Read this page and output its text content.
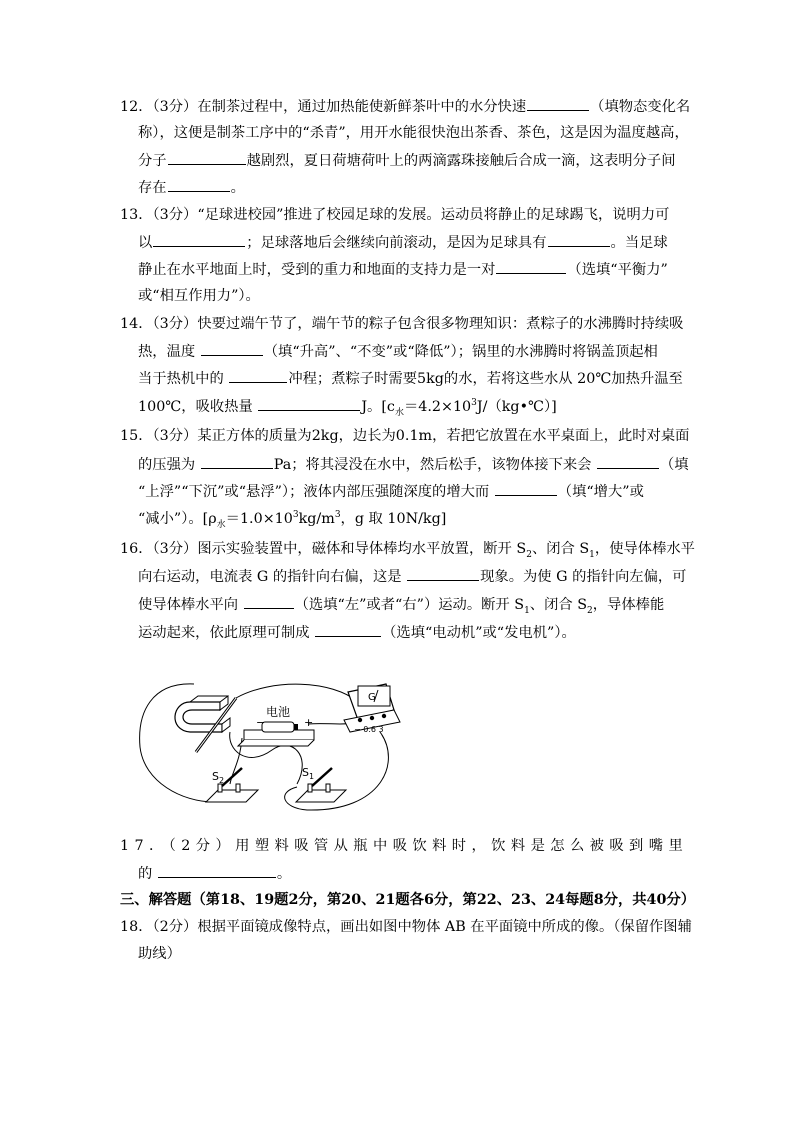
12．（3分）在制茶过程中，通过加热能使新鲜茶叶中的水分快速	（填物态变化名
称），这便是制茶工序中的“杀青”，用开水能很快泡出茶香、茶色，这是因为温度越高，
分子	越剧烈，夏日荷塘荷叶上的两滴露珠接触后合成一滴，这表明分子间
存在	。
13．（3分）“足球进校园”推进了校园足球的发展。运动员将静止的足球踢飞，说明力可
以	；足球落地后会继续向前滚动，是因为足球具有	。当足球
静止在水平地面上时，受到的重力和地面的支持力是一对	（选填“平衡力”
或“相互作用力”）。
14．（3分）快要过端午节了，端午节的粽子包含很多物理知识：煮粽子的水沸腾时持续吸
热，温度	（填“升高”、“不变”或“降低”）；锅里的水沸腾时将锅盖顶起相
当于热机中的	冲程；煮粽子时需要5kg的水，若将这些水从 20℃加热升温至
100℃，吸收热量	J。$[c_水=4.2\times 10^3J/(kg•℃)]$
15．（3分）某正方体的质量为2kg，边长为0.1m，若把它放置在水平桌面上，此时对桌面
的压强为	Pa；将其浸没在水中，然后松手，该物体接下来会	（填
“上浮”“下沉”或“悬浮”）；液体内部压强随深度的增大而	（填“增大”或
“减小”）。[$\rho_水=1.0\times 10^3kg/m^3$，g 取 10N/kg]
16．（3分）图示实验装置中，磁体和导体棒均水平放置，断开 $S_2$、闭合 $S_1$，使导体棒水平
向右运动，电流表 G 的指针向右偏，这是	现象。为使 G 的指针向左偏，可
使导体棒水平向	（选填“左”或者“右”）运动。断开 $S_1$、闭合 $S_2$，导体棒能
运动起来，依此原理可制成	（选填“电动机”或“发电机”）。
电池
−	+
G
− 0.6 3
$S_2$
$S_1$
17．（2分）用塑料吸管从瓶中吸饮料时，饮料是怎么被吸到嘴里
的	。
三、解答题（第18、19题2分，第20、21题各6分，第22、23、24每题8分，共40分）
18．（2分）根据平面镜成像特点，画出如图中物体 AB 在平面镜中所成的像。（保留作图辅
助线）
